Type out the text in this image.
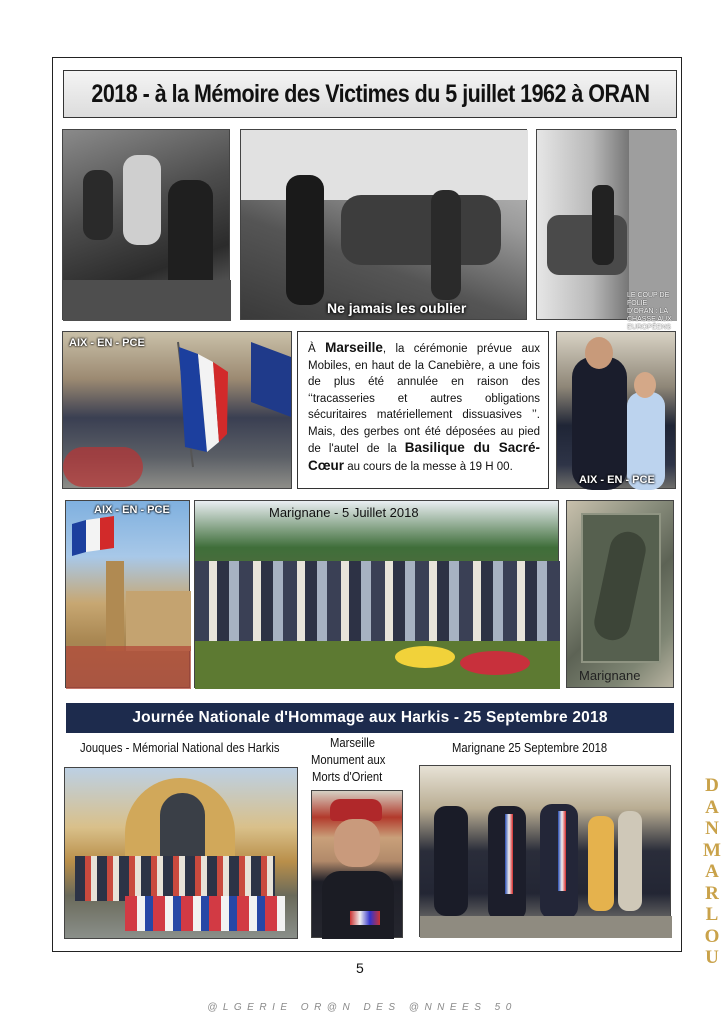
2018 - à la Mémoire des Victimes du 5 juillet 1962 à ORAN
Ne jamais les oublier
LE COUP DE FOLIE D'ORAN : LA CHASSE AUX EUROPÉENS
AIX - EN - PCE	À Marseille, la cérémonie prévue aux Mobiles, en haut de la Canebière, a une fois de plus été annulée en raison des ‘‘tracasseries et autres obligations sécuritaires matériellement dissuasives ’’. Mais, des gerbes ont été déposées au pied de l'autel de la Basilique du Sacré-Cœur au cours de la messe à 19 H 00.
AIX - EN - PCE
AIX - EN - PCE	Marignane - 5 Juillet 2018
Marignane
Journée Nationale d'Hommage aux Harkis - 25 Septembre 2018
Jouques - Mémorial National des Harkis	Marseille
Monument aux
Morts d'Orient
Marignane 25 Septembre 2018
5
DANMARLOU
@LGERIE OR@N DES @NNEES 50
